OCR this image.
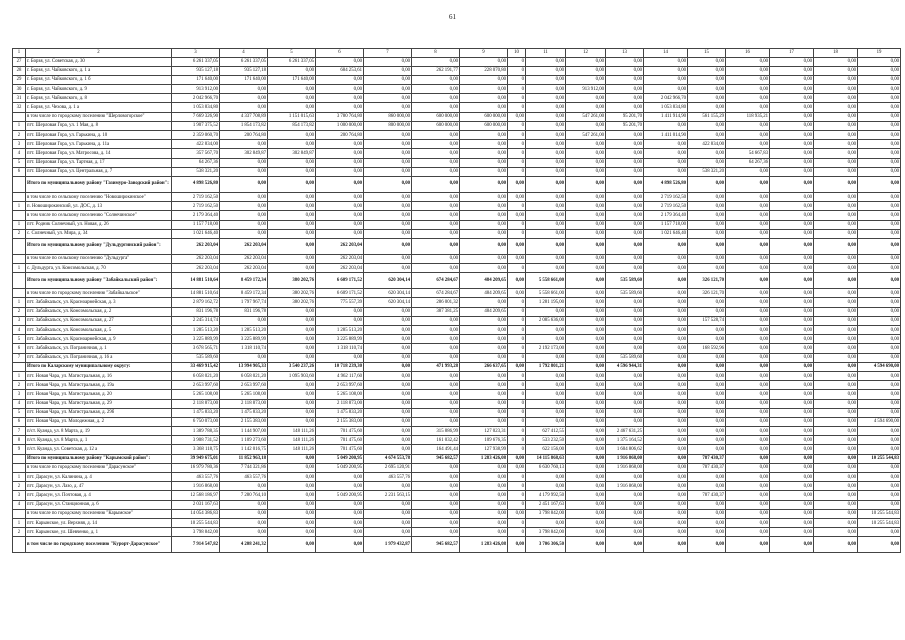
61
1	2	3	4	5	6	7	8	9	10	11	12	13	14	15	16	17	18	19
27	г. Борзя, ул. Советская, д. 30	6 261 337,05	6 261 337,05	6 261 337,05	0,00	0,00	0,00	0,00	0	0,00	0,00	0,00	0,00	0,00	0,00	0,00	0,00	0,00
28	г. Борзя, ул. Чайковского, д. 1 а	935 127,18	935 127,18	0,00	684 253,61	0,00	262 191,77	228 070,80	0	0,00	0,00	0,00	0,00	0,00	0,00	0,00	0,00	0,00
29	г. Борзя, ул. Чайковского, д. 1 б	171 640,00	171 640,00	171 640,00	0,00	0,00	0,00	0,00	0	0,00	0,00	0,00	0,00	0,00	0,00	0,00	0,00	0,00
30	г. Борзя, ул. Чайковского, д. 9	913 912,00	0,00	0,00	0,00	0,00	0,00	0,00	0	0,00	913 912,00	0,00	0,00	0,00	0,00	0,00	0,00	0,00
31	г. Борзя, ул. Чайковского, д. 8	2 042 966,70	0,00	0,00	0,00	0,00	0,00	0,00	0	0,00	0,00	0,00	2 042 966,70	0,00	0,00	0,00	0,00	0,00
32	г. Борзя, ул. Чехова, д. 1 а	1 053 834,80	0,00	0,00	0,00	0,00	0,00	0,00	0	0,00	0,00	0,00	1 053 834,80	0,00	0,00	0,00	0,00	0,00
	в том числе по городскому поселению "Шерловогорское"	7 669 326,90	4 337 708,89	1 151 015,63	3 780 764,80	860 000,00	600 000,00	600 000,00	0,00	0,00	547 261,00	95 201,70	1 411 914,90	561 155,29	118 935,21	0,00	0,00	0,00
1	пгт. Шерловая Гора, ул. 1 Мая, д. 8	1 907 375,52	1 854 173,82	854 173,82	1 000 000,00	800 000,00	600 000,00	600 000,00	0	0,00	0,00	95 201,70	0,00	0,00	0,00	0,00	0,00	0,00
2	пгт. Шерловая Гора, ул. Гарькина, д. 10	2 359 060,70	200 764,80	0,00	200 764,80	0,00	0,00	0,00	0	0,00	547 261,00	0,00	1 411 014,90	0,00	0,00	0,00	0,00	0,00
3	пгт. Шерловая Гора, ул. Гарькина, д. 11а	422 834,00	0,00	0,00	0,00	0,00	0,00	0,00	0	0,00	0,00	0,00	0,00	422 834,00	0,00	0,00	0,00	0,00
4	пгт. Шерловая Гора, ул. Матросова, д. 14	357 567,70	302 849,87	302 849,87	0,00	0,00	0,00	0,00	0	0,00	0,00	0,00	0,00	0,00	54 667,83	0,00	0,00	0,00
5	пгт. Шерловая Гора, ул. Тартная, д. 17	64 267,36	0,00	0,00	0,00	0,00	0,00	0,00	0	0,00	0,00	0,00	0,00	0,00	64 267,36	0,00	0,00	0,00
6	пгт. Шерловая Гора, ул. Центральная, д. 7	538 321,20	0,00	0,00	0,00	0,00	0,00	0,00	0	0,00	0,00	0,00	0,00	538 321,20	0,00	0,00	0,00	0,00
	Итого по муниципальному району "Газимуро-Заводский район":	4 898 526,80	0,00	0,00	0,00	0,00	0,00	0,00	0,00	0,00	0,00	0,00	4 898 526,80	0,00	0,00	0,00	0,00	0,00
	в том числе по сельскому поселению "Новоширокинское"	2 719 162,50	0,00	0,00	0,00	0,00	0,00	0,00	0,00	0,00	0,00	0,00	2 719 162,50	0,00	0,00	0,00	0,00	0,00
1	п. Новоширокинский, ул. ДОС, д. 13	2 719 162,50	0,00	0,00	0,00	0,00	0,00	0,00	0	0,00	0,00	0,00	2 719 162,50	0,00	0,00	0,00	0,00	0,00
	в том числе по сельскому поселению "Солнечинское"	2 179 364,40	0,00	0,00	0,00	0,00	0,00	0,00	0,00	0,00	0,00	0,00	2 179 364,40	0,00	0,00	0,00	0,00	0,00
1	пгт. Родник Солнечный, ул. Новая, д. 26	1 157 718,00	0,00	0,00	0,00	0,00	0,00	0,00	0	0,00	0,00	0,00	1 157 718,00	0,00	0,00	0,00	0,00	0,00
2	с. Солнечный, ул. Мира, д. 34	1 021 646,40	0,00	0,00	0,00	0,00	0,00	0,00	0	0,00	0,00	0,00	1 021 646,40	0,00	0,00	0,00	0,00	0,00
	Итого по муниципальному району "Дульдургинский район":	262 203,04	262 203,04	0,00	262 203,04	0,00	0,00	0,00	0,00	0,00	0,00	0,00	0,00	0,00	0,00	0,00	0,00	0,00
	в том числе по сельскому поселению "Дульдурга"	262 203,04	262 203,04	0,00	262 203,04	0,00	0,00	0,00	0,00	0,00	0,00	0,00	0,00	0,00	0,00	0,00	0,00	0,00
1	с. Дульдурга, ул. Комсомольская, д. 70	262 203,04	262 203,04	0,00	262 203,04	0,00	0,00	0,00	0	0,00	0,00	0,00	0,00	0,00	0,00	0,00	0,00	0,00
	Итого по муниципальному району "Забайкальский район":	14 881 510,64	8 459 172,34	380 202,76	6 609 171,52	620 304,14	674 284,67	484 209,65	0,00	5 558 661,00	0,00	535 589,60	0,00	326 121,70	0,00	0,00	0,00	0,00
	в том числе по городскому поселению "Забайкальское"	14 881 510,64	8 459 172,34	380 202,76	6 609 171,52	620 304,14	674 284,67	484 209,65	0,00	5 558 661,00	0,00	535 589,60	0,00	326 121,70	0,00	0,00	0,00	0,00
1	пгт. Забайкальск, ул. Красноармейская, д. 3	2 879 162,72	1 797 967,74	380 202,76	775 557,39	620 304,14	286 001,32	0,00	0	1 281 195,00	0,00	0,00	0,00	0,00	0,00	0,00	0,00	0,00
2	пгт. Забайкальск, ул. Комсомольская, д. 2	831 196,78	831 196,78	0,00	0,00	0,00	387 381,25	484 209,65	0	0,00	0,00	0,00	0,00	0,00	0,00	0,00	0,00	0,00
3	пгт. Забайкальск, ул. Комсомольская, д. 27	2 245 314,74	0,00	0,00	0,00	0,00	0,00	0,00	0	2 085 636,00	0,00	0,00	0,00	157 528,74	0,00	0,00	0,00	0,00
4	пгт. Забайкальск, ул. Комсомольская, д. 5	1 285 513,20	1 285 513,20	0,00	1 285 513,20	0,00	0,00	0,00	0	0,00	0,00	0,00	0,00	0,00	0,00	0,00	0,00	0,00
5	пгт. Забайкальск, ул. Красноармейская, д. 9	3 225 889,99	3 225 889,99	0,00	3 225 889,99	0,00	0,00	0,00	0	0,00	0,00	0,00	0,00	0,00	0,00	0,00	0,00	0,00
6	пгт. Забайкальск, ул. Пограничная, д. 1	3 678 565,71	1 318 110,74	0,00	1 318 110,74	0,00	0,00	0,00	0	2 192 173,00	0,00	0,00	0,00	168 592,96	0,00	0,00	0,00	0,00
7	пгт. Забайкальск, ул. Пограничная, д. 16 а	535 589,60	0,00	0,00	0,00	0,00	0,00	0,00	0	0,00	0,00	535 589,60	0,00	0,00	0,00	0,00	0,00	0,00
	Итого по Каларскому муниципальному округу:	33 469 915,42	13 994 905,33	3 540 237,26	10 718 239,30	0,00	471 993,28	266 637,65	0,00	1 792 801,21	0,00	4 596 944,31	0,00	0,00	0,00	0,00	0,00	4 594 690,00
1	пгт. Новая Чара, ул. Магистральная, д. 16	6 058 021,20	6 058 021,20	1 095 903,60	4 962 117,60	0,00	0,00	0,00	0	0,00	0,00	0,00	0,00	0,00	0,00	0,00	0,00	0,00
2	пгт. Новая Чара, ул. Магистральная, д. 19а	2 653 997,60	2 653 997,60	0,00	2 653 997,60	0,00	0,00	0,00	0	0,00	0,00	0,00	0,00	0,00	0,00	0,00	0,00	0,00
3	пгт. Новая Чара, ул. Магистральная, д. 20	5 265 108,00	5 265 108,00	0,00	5 265 108,00	0,00	0,00	0,00	0	0,00	0,00	0,00	0,00	0,00	0,00	0,00	0,00	0,00
4	пгт. Новая Чара, ул. Магистральная, д. 29	2 118 873,00	2 118 873,00	0,00	2 118 873,00	0,00	0,00	0,00	0	0,00	0,00	0,00	0,00	0,00	0,00	0,00	0,00	0,00
5	пгт. Новая Чара, ул. Магистральная, д. 29б	1 475 833,20	1 475 833,20	0,00	1 475 833,20	0,00	0,00	0,00	0	0,00	0,00	0,00	0,00	0,00	0,00	0,00	0,00	0,00
6	пгт. Новая Чара, ул. Молодежная, д. 2	6 750 073,00	2 155 383,00	0,00	2 155 383,00	0,00	0,00	0,00	0	0,00	0,00	0,00	0,00	0,00	0,00	0,00	0,00	4 594 690,00
7	п/ст. Куанда, ул. 8 Марта, д. 19	1 389 788,35	1 144 907,00	148 111,26	701 475,60	0,00	315 886,99	127 023,31	0	627 412,55	0,00	2 467 631,25	0,00	0,00	0,00	0,00	0,00	0,00
8	п/ст. Куанда, ул. 8 Марта, д. 1	3 908 731,52	1 109 273,60	148 111,26	701 475,60	0,00	161 032,42	109 676,35	0	533 232,50	0,00	1 375 164,52	0,00	0,00	0,00	0,00	0,00	0,00
9	п/ст. Куанда, ул. Советская, д. 12 а	3 368 118,75	1 142 016,75	148 111,26	701 475,60	0,00	164 491,44	127 938,99	0	622 156,00	0,00	1 604 806,62	0,00	0,00	0,00	0,00	0,00	0,00
	Итого по муниципальному району "Карымский район":	39 949 675,01	11 852 963,18	0,00	5 049 200,95	4 674 553,78	945 682,57	1 283 426,08	0,00	14 115 868,63	0,00	1 916 868,00	0,00	787 430,37	0,00	0,00	0,00	10 255 544,83
	в том числе по городскому поселению "Дарасунское"	16 979 780,36	7 744 321,86	0,00	5 049 200,95	2 695 120,91	0,00	0,00	0,00	6 630 760,13	0,00	1 916 868,00	0,00	787 430,37	0,00	0,00	0,00	0,00
1	пгт. Дарасун, ул. Калинина, д. 4	463 557,76	463 557,76	0,00	0,00	463 557,76	0,00	0,00	0	0,00	0,00	0,00	0,00	0,00	0,00	0,00	0,00	0,00
2	пгт. Дарасун, ул. Лазо, д. 47	1 916 868,00	0,00	0,00	0,00	0,00	0,00	0,00	0	0,00	0,00	1 916 868,00	0,00	0,00	0,00	0,00	0,00	0,00
3	пгт. Дарасун, ул. Почтовая, д. 4	12 568 186,97	7 280 764,10	0,00	5 049 200,95	2 231 563,15	0,00	0,00	0	4 179 992,50	0,00	0,00	0,00	787 430,37	0,00	0,00	0,00	0,00
4	пгт. Дарасун, ул. Станционная, д. 6	2 031 167,63	0,00	0,00	0,00	0,00	0,00	0,00	0	2 451 167,63	0,00	0,00	0,00	0,00	0,00	0,00	0,00	0,00
	в том числе по городскому поселению "Карымское"	14 054 386,83	0,00	0,00	0,00	0,00	0,00	0,00	0,00	3 798 842,00	0,00	0,00	0,00	0,00	0,00	0,00	0,00	10 255 544,83
1	пгт. Карымское, ул. Верхняя, д. 14	10 255 544,83	0,00	0,00	0,00	0,00	0,00	0,00	0	0,00	0,00	0,00	0,00	0,00	0,00	0,00	0,00	10 255 544,83
2	пгт. Карымское, ул. Шевченко, д. 1	3 798 842,00	0,00	0,00	0,00	0,00	0,00	0,00	0	3 798 842,00	0,00	0,00	0,00	0,00	0,00	0,00	0,00	0,00
	в том числе по городскому поселению "Курорт-Дарасунское"	7 914 547,82	4 208 241,32	0,00	0,00	1 979 432,87	945 682,57	1 283 426,08	0,00	3 706 306,50	0,00	0,00	0,00	0,00	0,00	0,00	0,00	0,00
